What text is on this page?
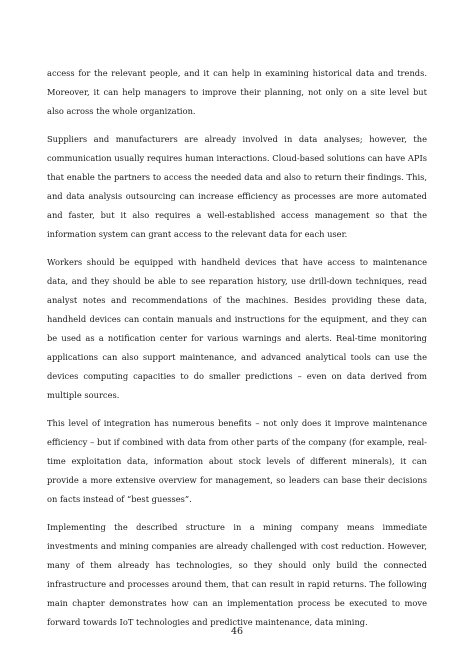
access for the relevant people, and it can help in examining historical data and trends. Moreover, it can help managers to improve their planning, not only on a site level but also across the whole organization.

Suppliers and manufacturers are already involved in data analyses; however, the communication usually requires human interactions. Cloud-based solutions can have APIs that enable the partners to access the needed data and also to return their findings. This, and data analysis outsourcing can increase efficiency as processes are more automated and faster, but it also requires a well-established access management so that the information system can grant access to the relevant data for each user.

Workers should be equipped with handheld devices that have access to maintenance data, and they should be able to see reparation history, use drill-down techniques, read analyst notes and recommendations of the machines. Besides providing these data, handheld devices can contain manuals and instructions for the equipment, and they can be used as a notification center for various warnings and alerts. Real-time monitoring applications can also support maintenance, and advanced analytical tools can use the devices computing capacities to do smaller predictions – even on data derived from multiple sources.

This level of integration has numerous benefits – not only does it improve maintenance efficiency – but if combined with data from other parts of the company (for example, real-time exploitation data, information about stock levels of different minerals), it can provide a more extensive overview for management, so leaders can base their decisions on facts instead of “best guesses”.

Implementing the described structure in a mining company means immediate investments and mining companies are already challenged with cost reduction. However, many of them already has technologies, so they should only build the connected infrastructure and processes around them, that can result in rapid returns. The following main chapter demonstrates how can an implementation process be executed to move forward towards IoT technologies and predictive maintenance, data mining.

46
